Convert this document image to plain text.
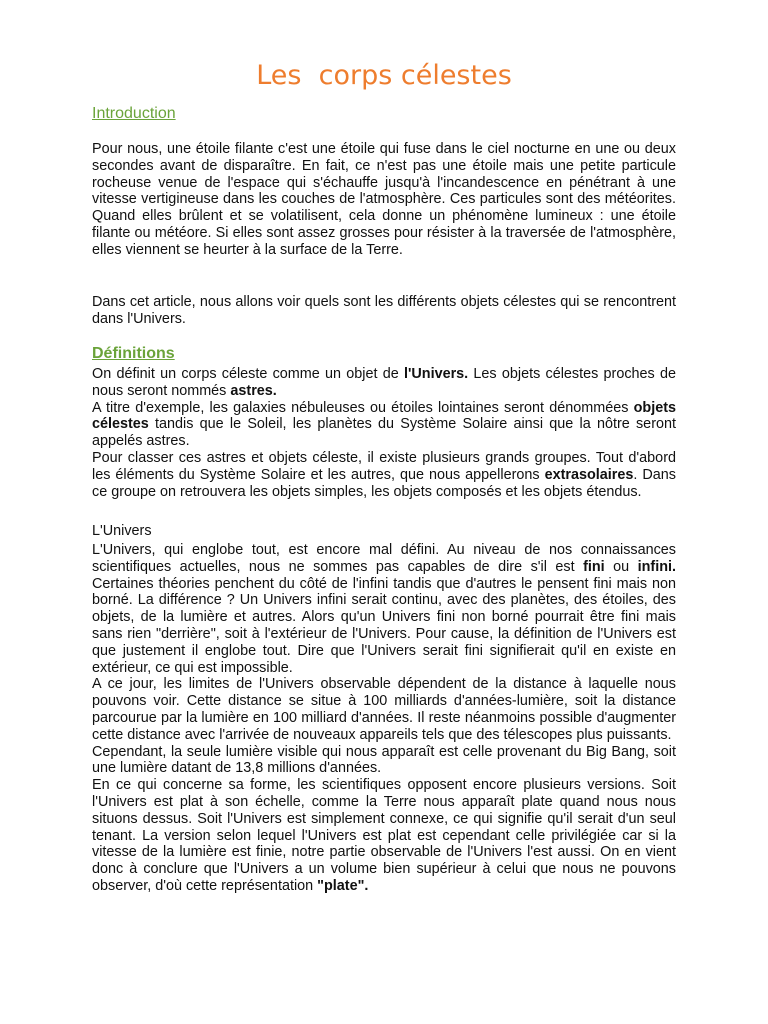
Les  corps célestes
Introduction

Pour nous, une étoile filante c'est une étoile qui fuse dans le ciel nocturne en une ou deux secondes avant de disparaître. En fait, ce n'est pas une étoile mais une petite particule rocheuse venue de l'espace qui s'échauffe jusqu'à l'incandescence en pénétrant à une vitesse vertigineuse dans les couches de l'atmosphère. Ces particules sont des météorites. Quand elles brûlent et se volatilisent, cela donne un phénomène lumineux : une étoile filante ou météore. Si elles sont assez grosses pour résister à la traversée de l'atmosphère, elles viennent se heurter à la surface de la Terre.

Dans cet article, nous allons voir quels sont les différents objets célestes qui se rencontrent dans l'Univers.

Définitions

On définit un corps céleste comme un objet de l'Univers. Les objets célestes proches de nous seront nommés astres.

A titre d'exemple, les galaxies nébuleuses ou étoiles lointaines seront dénommées objets célestes tandis que le Soleil, les planètes du Système Solaire ainsi que la nôtre seront appelés astres.

Pour classer ces astres et objets céleste, il existe plusieurs grands groupes. Tout d'abord les éléments du Système Solaire et les autres, que nous appellerons extrasolaires. Dans ce groupe on retrouvera les objets simples, les objets composés et les objets étendus.

L'Univers

L'Univers, qui englobe tout, est encore mal défini. Au niveau de nos connaissances scientifiques actuelles, nous ne sommes pas capables de dire s'il est fini ou infini. Certaines théories penchent du côté de l'infini tandis que d'autres le pensent fini mais non borné. La différence ? Un Univers infini serait continu, avec des planètes, des étoiles, des objets, de la lumière et autres. Alors qu'un Univers fini non borné pourrait être fini mais sans rien "derrière", soit à l'extérieur de l'Univers. Pour cause, la définition de l'Univers est que justement il englobe tout. Dire que l'Univers serait fini signifierait qu'il en existe en extérieur, ce qui est impossible.

A ce jour, les limites de l'Univers observable dépendent de la distance à laquelle nous pouvons voir. Cette distance se situe à 100 milliards d'années-lumière, soit la distance parcourue par la lumière en 100 milliard d'années. Il reste néanmoins possible d'augmenter cette distance avec l'arrivée de nouveaux appareils tels que des télescopes plus puissants.

Cependant, la seule lumière visible qui nous apparaît est celle provenant du Big Bang, soit une lumière datant de 13,8 millions d'années.

En ce qui concerne sa forme, les scientifiques opposent encore plusieurs versions. Soit l'Univers est plat à son échelle, comme la Terre nous apparaît plate quand nous nous situons dessus. Soit l'Univers est simplement connexe, ce qui signifie qu'il serait d'un seul tenant. La version selon lequel l'Univers est plat est cependant celle privilégiée car si la vitesse de la lumière est finie, notre partie observable de l'Univers l'est aussi. On en vient donc à conclure que l'Univers a un volume bien supérieur à celui que nous ne pouvons observer, d'où cette représentation "plate".
